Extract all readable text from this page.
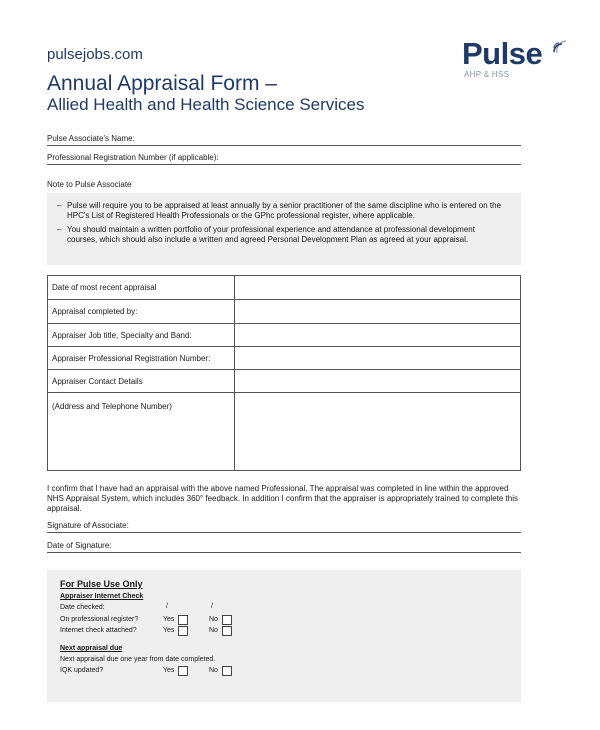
pulsejobs.com	Pulse
AHP & HSS
Annual Appraisal Form –
Allied Health and Health Science Services
Pulse Associate's Name:
Professional Registration Number (if applicable):
Note to Pulse Associate
– Pulse will require you to be appraised at least annually by a senior practitioner of the same discipline who is entered on the HPC's List of Registered Health Professionals or the GPhc professional register, where applicable.
– You should maintain a written portfolio of your professional experience and attendance at professional development courses, which should also include a written and agreed Personal Development Plan as agreed at your appraisal.
Date of most recent appraisal	
Appraisal completed by:	
Appraiser Job title, Specialty and Band:	
Appraiser Professional Registration Number:	
Appraiser Contact Details	
(Address and Telephone Number)	
I confirm that I have had an appraisal with the above named Professional. The appraisal was completed in line within the approved NHS Appraisal System, which includes 360° feedback. In addition I confirm that the appraiser is appropriately trained to complete this appraisal.
Signature of Associate:
Date of Signature:
For Pulse Use Only
Appraiser Internet Check
Date checked:	/	/
On professional register?	Yes	No
Internet check attached?	Yes	No
Next appraisal due
Next appraisal due one year from date completed.
IQK updated?	Yes	No
